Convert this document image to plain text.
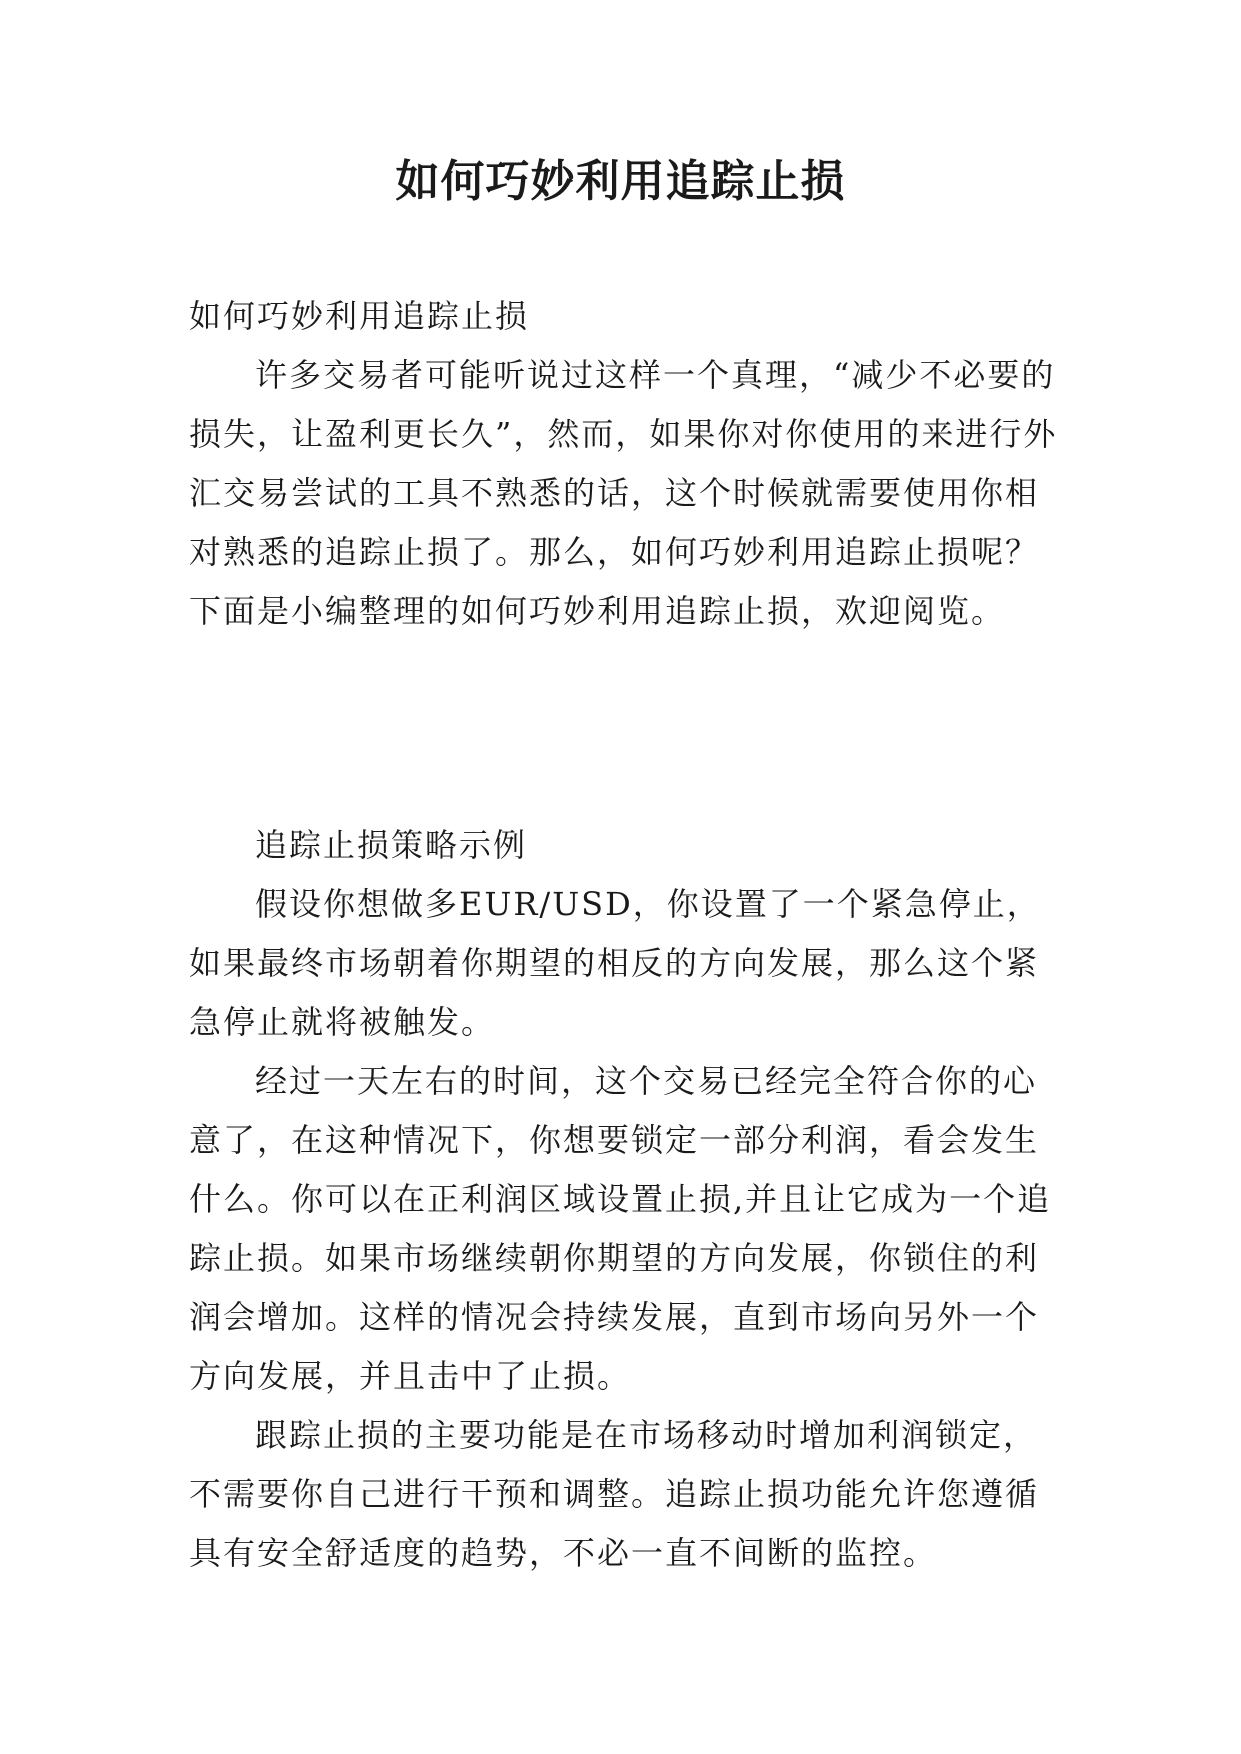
如何巧妙利用追踪止损

如何巧妙利用追踪止损

许多交易者可能听说过这样一个真理，“减少不必要的损失，让盈利更长久”，然而，如果你对你使用的来进行外汇交易尝试的工具不熟悉的话，这个时候就需要使用你相对熟悉的追踪止损了。那么，如何巧妙利用追踪止损呢？下面是小编整理的如何巧妙利用追踪止损，欢迎阅览。

追踪止损策略示例

假设你想做多EUR/USD，你设置了一个紧急停止，如果最终市场朝着你期望的相反的方向发展，那么这个紧急停止就将被触发。

经过一天左右的时间，这个交易已经完全符合你的心意了，在这种情况下，你想要锁定一部分利润，看会发生什么。你可以在正利润区域设置止损,并且让它成为一个追踪止损。如果市场继续朝你期望的方向发展，你锁住的利润会增加。这样的情况会持续发展，直到市场向另外一个方向发展，并且击中了止损。

跟踪止损的主要功能是在市场移动时增加利润锁定，不需要你自己进行干预和调整。追踪止损功能允许您遵循具有安全舒适度的趋势，不必一直不间断的监控。
